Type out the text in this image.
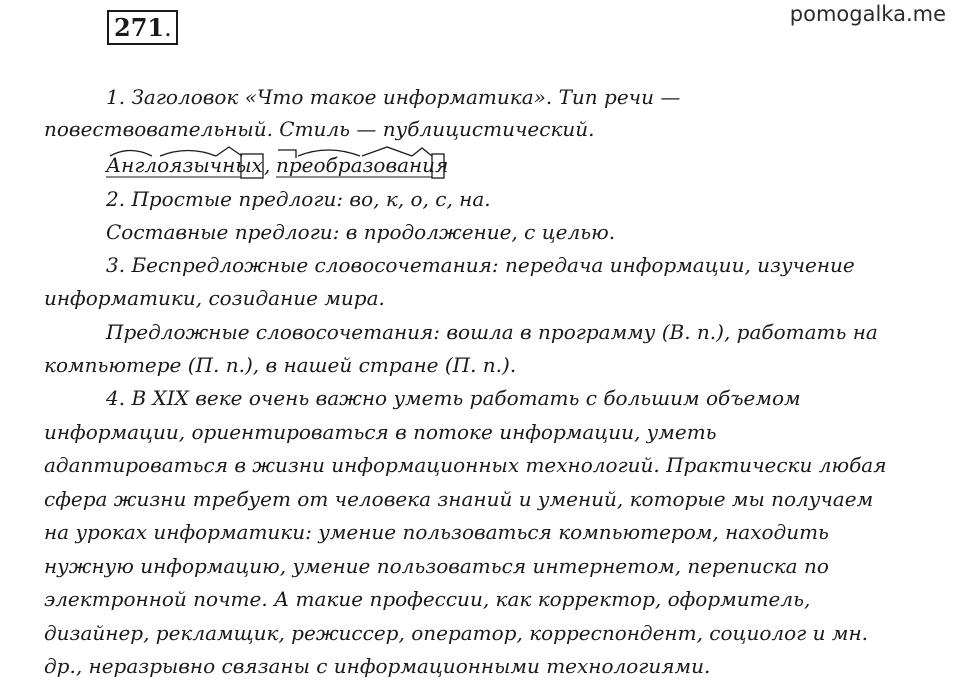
271.	pomogalka.me
1. Заголовок «Что такое информатика». Тип речи —
повествовательный. Стиль — публицистический.
Англоязычных , преобразования
2. Простые предлоги: во, к, о, с, на.
Составные предлоги: в продолжение, с целью.
3. Беспредложные словосочетания: передача информации, изучение
информатики, созидание мира.
Предложные словосочетания: вошла в программу (В. п.), работать на
компьютере (П. п.), в нашей стране (П. п.).
4. В XIX веке очень важно уметь работать с большим объемом
информации, ориентироваться в потоке информации, уметь
адаптироваться в жизни информационных технологий. Практически любая
сфера жизни требует от человека знаний и умений, которые мы получаем
на уроках информатики: умение пользоваться компьютером, находить
нужную информацию, умение пользоваться интернетом, переписка по
электронной почте. А такие профессии, как корректор, оформитель,
дизайнер, рекламщик, режиссер, оператор, корреспондент, социолог и мн.
др., неразрывно связаны с информационными технологиями.
